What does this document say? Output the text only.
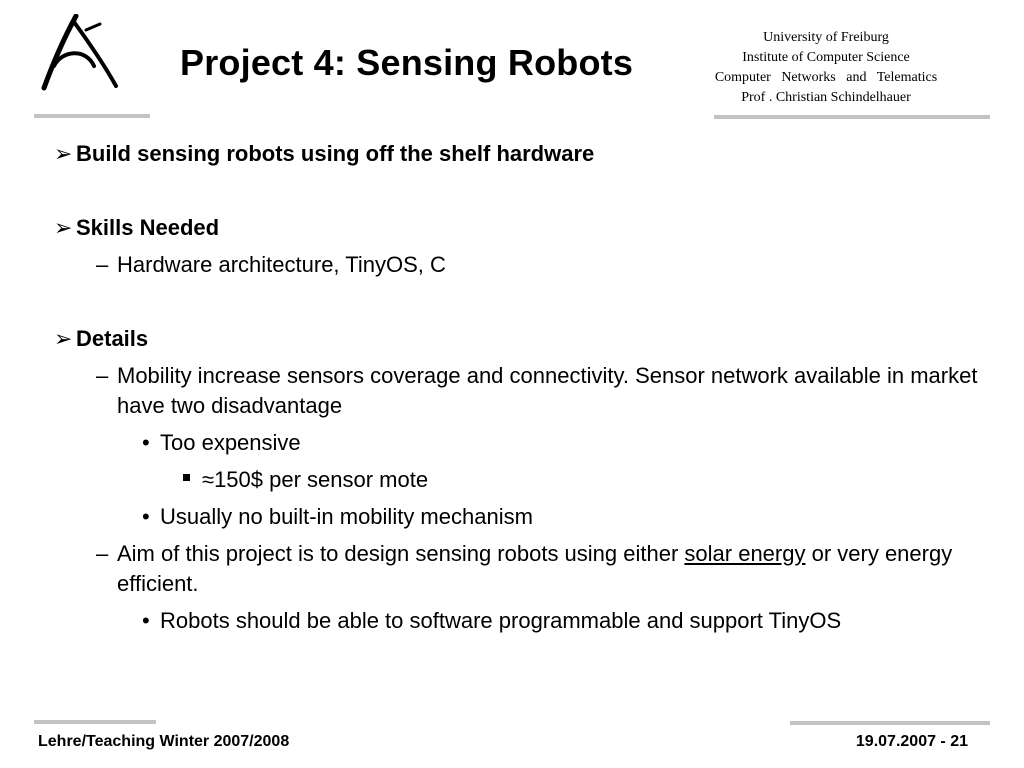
Project 4: Sensing Robots
University of Freiburg
Institute of Computer Science
Computer   Networks   and   Telematics
Prof . Christian Schindelhauer
➢ Build sensing robots using off the shelf hardware
➢ Skills Needed
– Hardware architecture, TinyOS, C
➢ Details
– Mobility increase sensors coverage and connectivity. Sensor network available in market have two disadvantage
• Too expensive
≈150$ per sensor mote
• Usually no built-in mobility mechanism
– Aim of this project is to design sensing robots using either solar energy or very energy efficient.
• Robots should be able to software programmable and support TinyOS
Lehre/Teaching Winter 2007/2008	19.07.2007 - 21
